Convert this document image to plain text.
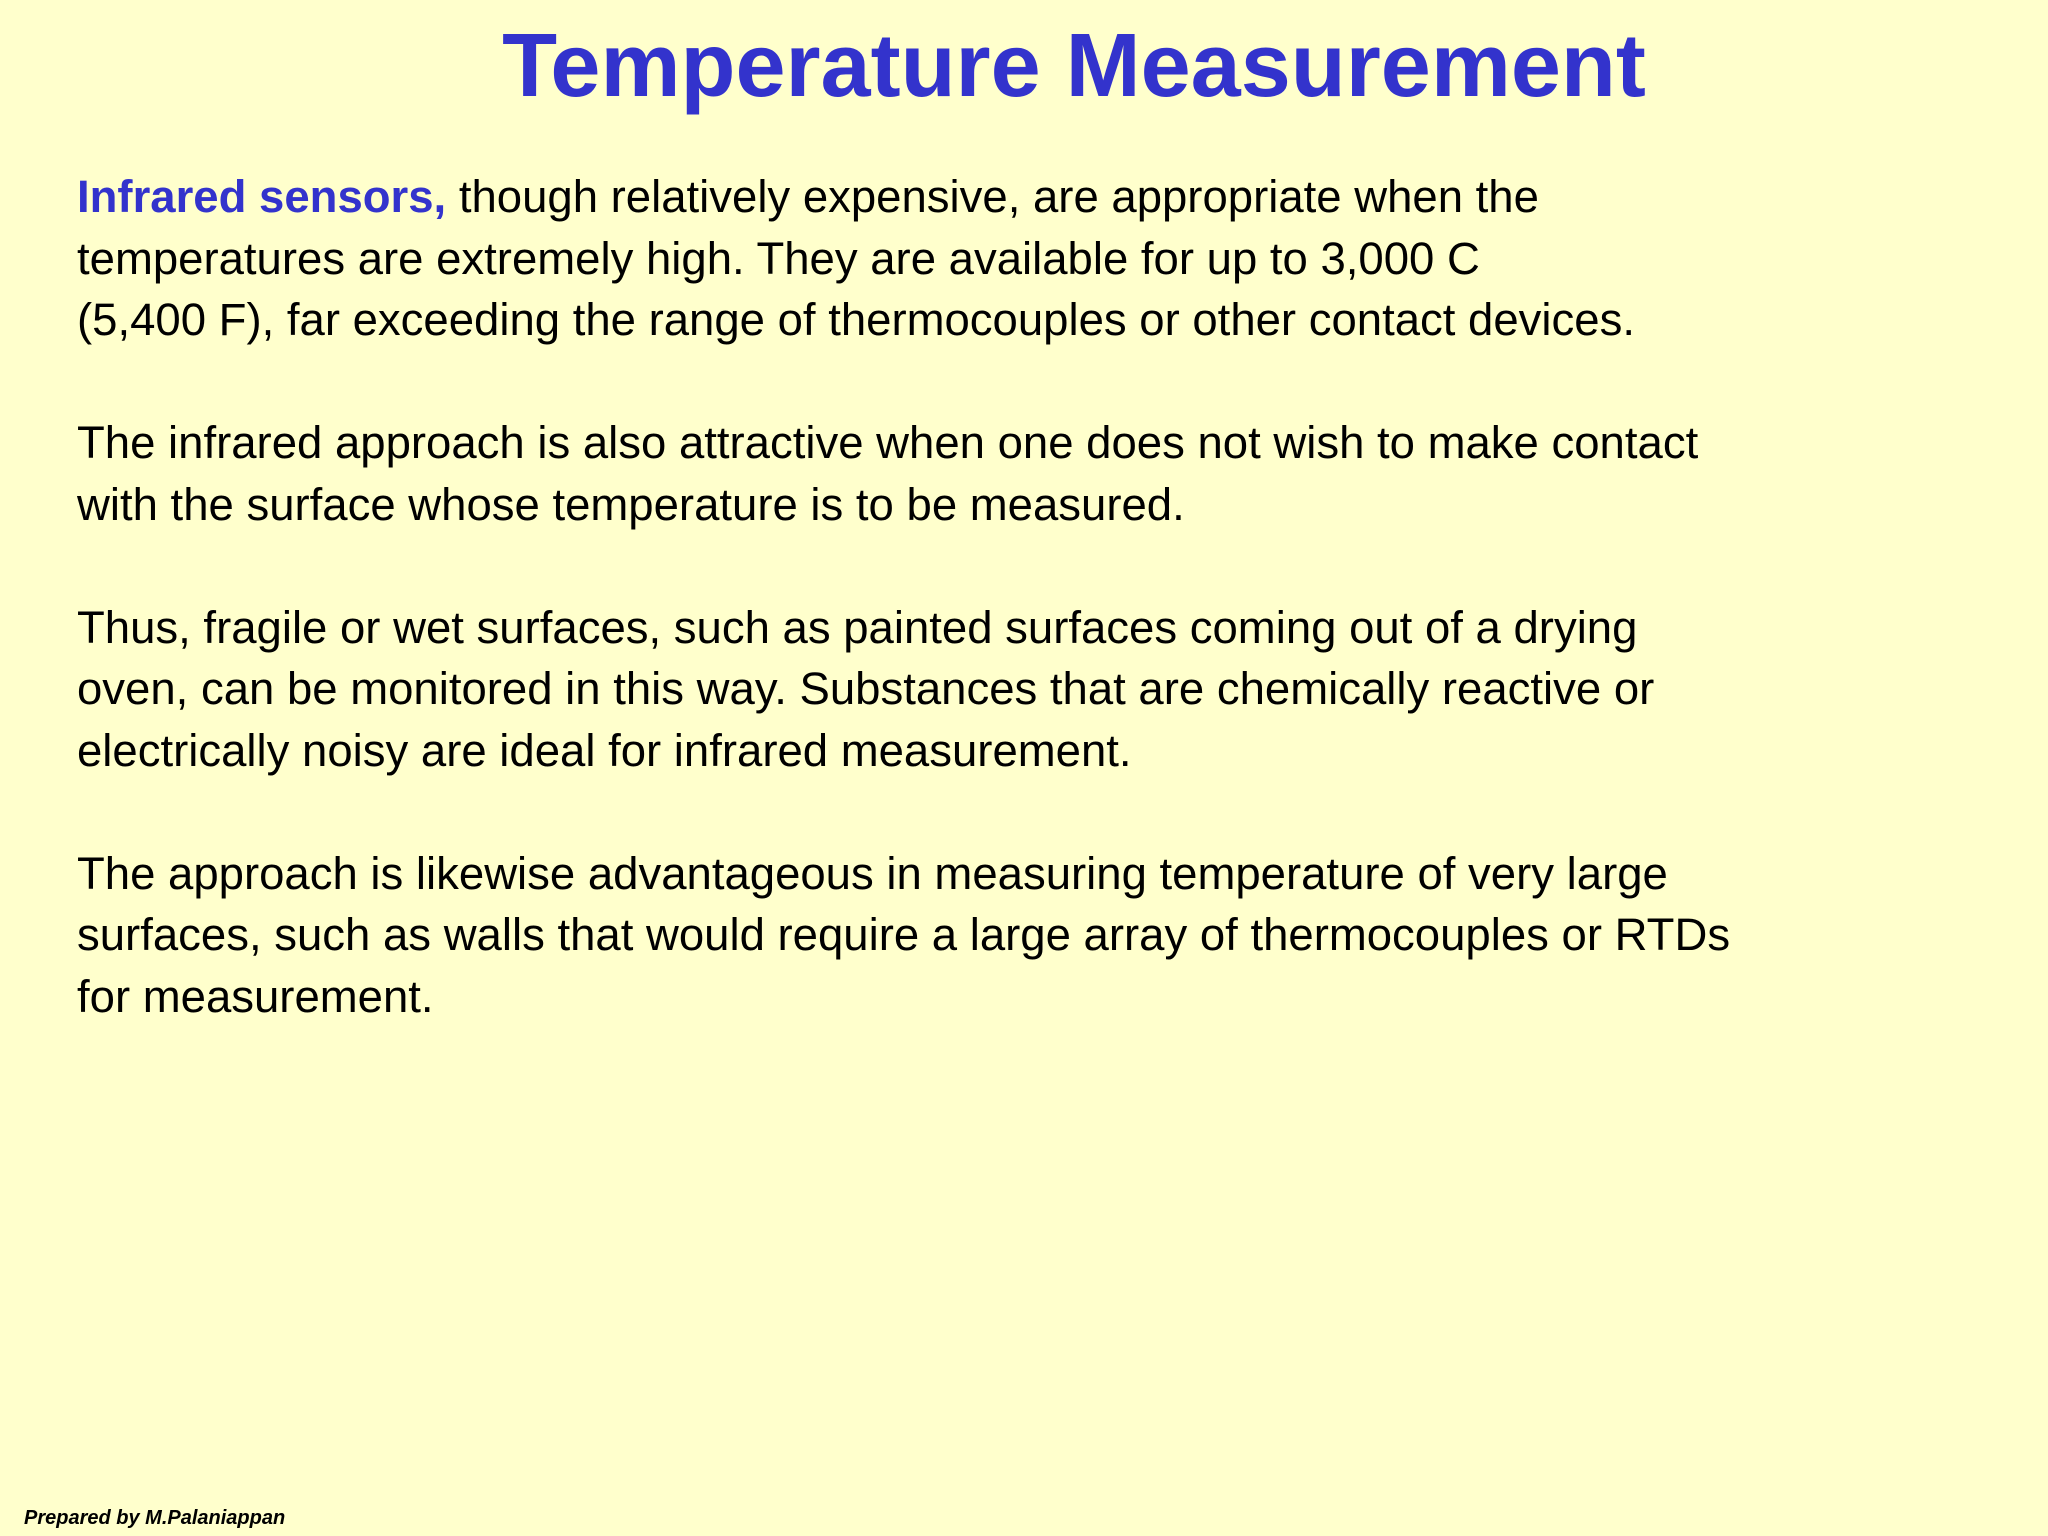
Temperature Measurement

Infrared sensors, though relatively expensive, are appropriate when the
temperatures are extremely high. They are available for up to 3,000 C
(5,400 F), far exceeding the range of thermocouples or other contact devices.

The infrared approach is also attractive when one does not wish to make contact
with the surface whose temperature is to be measured.

Thus, fragile or wet surfaces, such as painted surfaces coming out of a drying
oven, can be monitored in this way. Substances that are chemically reactive or
electrically noisy are ideal for infrared measurement.

The approach is likewise advantageous in measuring temperature of very large
surfaces, such as walls that would require a large array of thermocouples or RTDs
for measurement.

Prepared by M.Palaniappan
